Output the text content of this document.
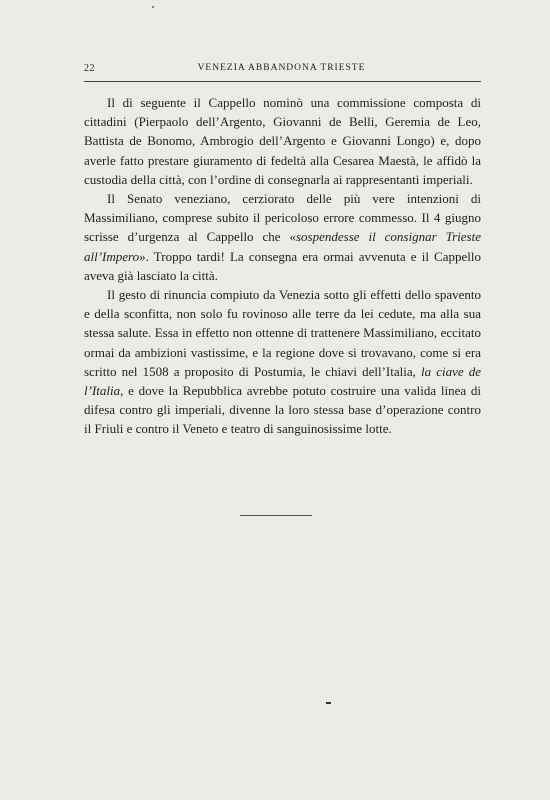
22	VENEZIA ABBANDONA TRIESTE

Il dì seguente il Cappello nominò una commissione composta di cittadini (Pierpaolo dell’Argento, Giovanni de Belli, Geremia de Leo, Battista de Bonomo, Ambrogio dell’Argento e Giovanni Longo) e, dopo averle fatto prestare giuramento di fedeltà alla Cesarea Maestà, le affidò la custodia della città, con l’ordine di consegnarla ai rappresentanti imperiali.

Il Senato veneziano, cerziorato delle più vere intenzioni di Massimiliano, comprese subito il pericoloso errore commesso. Il 4 giugno scrisse d’urgenza al Cappello che «sospendesse il consignar Trieste all’Impero». Troppo tardi! La consegna era ormai avvenuta e il Cappello aveva già lasciato la città.

Il gesto di rinuncia compiuto da Venezia sotto gli effetti dello spavento e della sconfitta, non solo fu rovinoso alle terre da lei cedute, ma alla sua stessa salute. Essa in effetto non ottenne di trattenere Massimiliano, eccitato ormai da ambizioni vastissime, e la regione dove si trovavano, come si era scritto nel 1508 a proposito di Postumia, le chiavi dell’Italia, la ciave de l’Italia, e dove la Repubblica avrebbe potuto costruire una valida linea di difesa contro gli imperiali, divenne la loro stessa base d’operazione contro il Friuli e contro il Veneto e teatro di sanguinosissime lotte.
